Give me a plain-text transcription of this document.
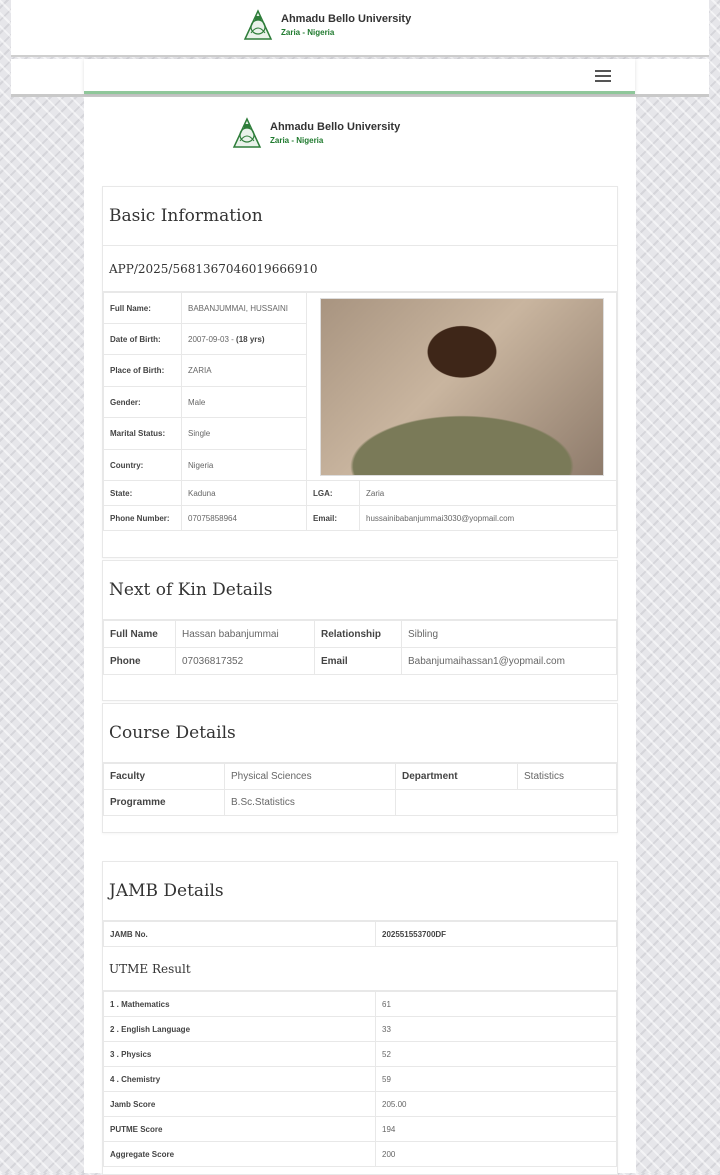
Ahmadu Bello University
Zaria - Nigeria
Ahmadu Bello University
Zaria - Nigeria
Basic Information
APP/2025/5681367046019666910
Full Name:	BABANJUMMAI, HUSSAINI		

Date of Birth:	2007-09-03 - (18 yrs)		
Place of Birth:	ZARIA		
Gender:	Male		
Marital Status:	Single		
Country:	Nigeria		
State:	Kaduna	LGA:	Zaria
Phone Number:	07075858964	Email:	hussainibabanjummai3030@yopmail.com
Next of Kin Details
Full Name	Hassan babanjummai	Relationship	Sibling
Phone	07036817352	Email	Babanjumaihassan1@yopmail.com
Course Details
Faculty	Physical Sciences	Department	Statistics
Programme	B.Sc.Statistics		
JAMB Details
JAMB No.	202551553700DF
UTME Result
1 . Mathematics	61
2 . English Language	33
3 . Physics	52
4 . Chemistry	59
Jamb Score	205.00
PUTME Score	194
Aggregate Score	200
